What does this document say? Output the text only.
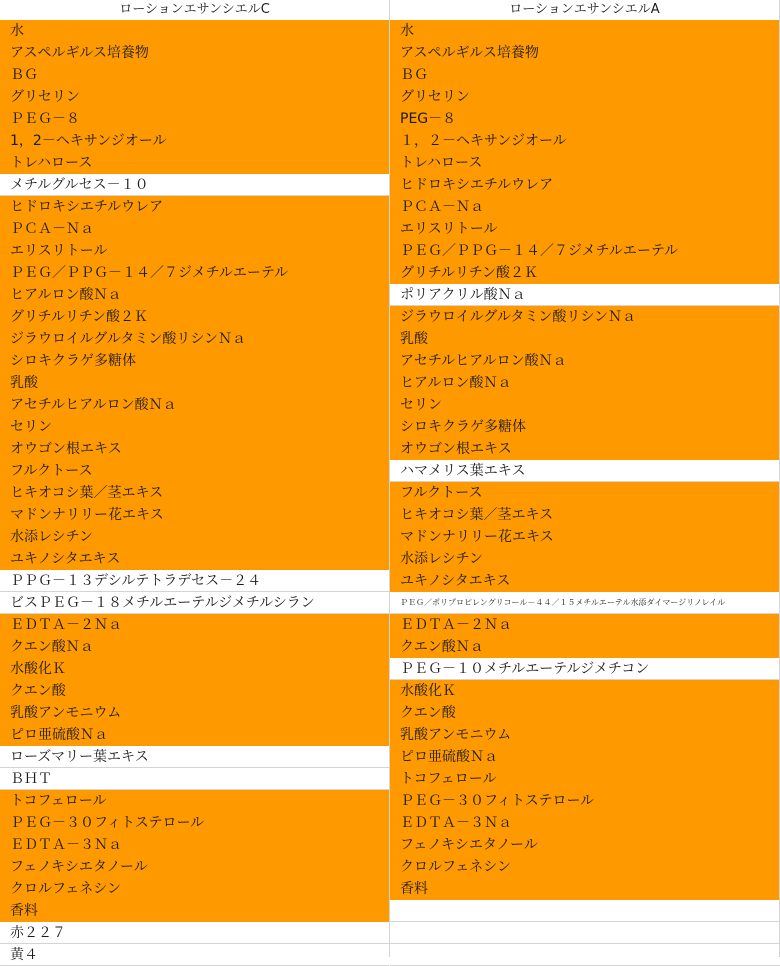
ローションエサンシエルC	ローションエサンシエルA
水
アスペルギルス培養物
ＢＧ
グリセリン
ＰＥＧ－８
1，2－ヘキサンジオール
トレハロース
メチルグルセス－１０
ヒドロキシエチルウレア
ＰＣＡ－Ｎａ
エリスリトール
ＰＥＧ／ＰＰＧ－１４／７ジメチルエーテル
ヒアルロン酸Ｎａ
グリチルリチン酸２Ｋ
ジラウロイルグルタミン酸リシンＮａ
シロキクラゲ多糖体
乳酸
アセチルヒアルロン酸Ｎａ
セリン
オウゴン根エキス
フルクトース
ヒキオコシ葉／茎エキス
マドンナリリー花エキス
水添レシチン
ユキノシタエキス
ＰＰＧ－１３デシルテトラデセス－２４
ビスＰＥＧ－１８メチルエーテルジメチルシラン
ＥＤＴＡ－２Ｎａ
クエン酸Ｎａ
水酸化Ｋ
クエン酸
乳酸アンモニウム
ピロ亜硫酸Ｎａ
ローズマリー葉エキス
ＢＨＴ
トコフェロール
ＰＥＧ－３０フィトステロール
ＥＤＴＡ－３Ｎａ
フェノキシエタノール
クロルフェネシン
香料
赤２２７
黄４
水
アスペルギルス培養物
ＢＧ
グリセリン
PEG－８
１，２－ヘキサンジオール
トレハロース
ヒドロキシエチルウレア
ＰＣＡ－Ｎａ
エリスリトール
ＰＥＧ／ＰＰＧ－１４／７ジメチルエーテル
グリチルリチン酸２Ｋ
ポリアクリル酸Ｎａ
ジラウロイルグルタミン酸リシンＮａ
乳酸
アセチルヒアルロン酸Ｎａ
ヒアルロン酸Ｎａ
セリン
シロキクラゲ多糖体
オウゴン根エキス
ハマメリス葉エキス
フルクトース
ヒキオコシ葉／茎エキス
マドンナリリー花エキス
水添レシチン
ユキノシタエキス
ＰＥＧ／ポリプロピレングリコール－４４／１５メチルエーテル水添ダイマージリノレイル
ＥＤＴＡ－２Ｎａ
クエン酸Ｎａ
ＰＥＧ－１０メチルエーテルジメチコン
水酸化Ｋ
クエン酸
乳酸アンモニウム
ピロ亜硫酸Ｎａ
トコフェロール
ＰＥＧ－３０フィトステロール
ＥＤＴＡ－３Ｎａ
フェノキシエタノール
クロルフェネシン
香料
